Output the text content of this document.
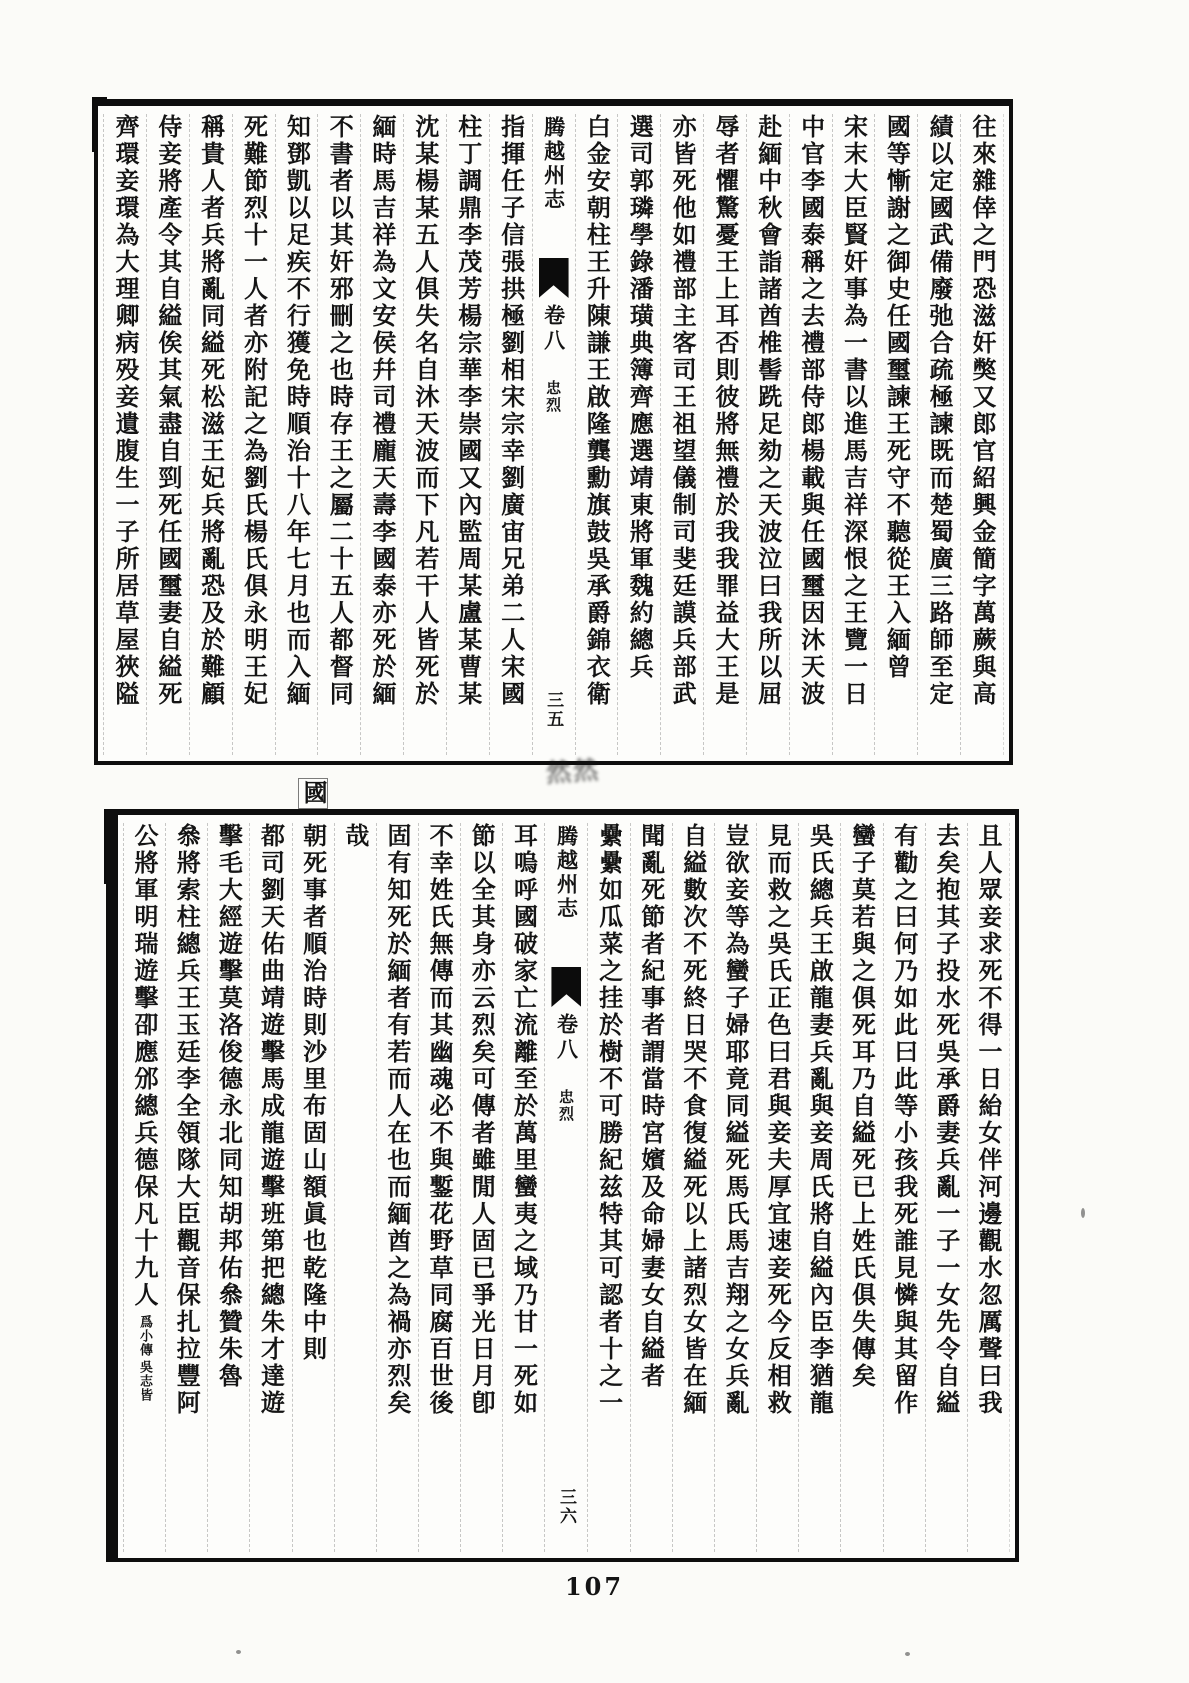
往來雜倖之門恐滋奸獘又郎官紹興金簡字萬蕨與高
績以定國武備廢弛合疏極諫既而楚蜀廣三路師至定
國等慚謝之御史任國璽諫王死守不聽從王入緬曾
宋末大臣賢奸事為一書以進馬吉祥深恨之王覽一日
中官李國泰稱之去禮部侍郎楊載與任國璽因沐天波
赴緬中秋會詣諸酋椎髻跣足劾之天波泣曰我所以屈
辱者懼驚憂王上耳否則彼將無禮於我我罪益大王是
亦皆死他如禮部主客司王祖望儀制司斐廷謨兵部武
選司郭璘學錄潘璜典簿齊應選靖東將軍魏約總兵
白金安朝柱王升陳謙王啟隆龔勳旗鼓吳承爵錦衣衛
腾越州志
卷八
忠烈
三五
指揮任子信張拱極劉相宋宗幸劉廣宙兄弟二人宋國
柱丁調鼎李茂芳楊宗華李崇國又內監周某盧某曹某
沈某楊某五人俱失名自沐天波而下凡若干人皆死於
緬時馬吉祥為文安侯幷司禮龐天壽李國泰亦死於緬
不書者以其奸邪刪之也時存王之屬二十五人都督同
知鄧凱以足疾不行獲免時順治十八年七月也而入緬
死難節烈十一人者亦附記之為劉氏楊氏俱永明王妃
稱貴人者兵將亂同縊死松滋王妃兵將亂恐及於難顧
侍妾將產令其自縊俟其氣盡自剄死任國璽妻自縊死
齊環妾環為大理卿病殁妾遺腹生一子所居草屋狹隘
然然
且人眾妾求死不得一日紿女伴河邊觀水忽厲聲曰我
去矣抱其子投水死吳承爵妻兵亂一子一女先令自縊
有勸之曰何乃如此曰此等小孩我死誰見憐與其留作
蠻子莫若與之俱死耳乃自縊死已上姓氏俱失傳矣
吳氏總兵王啟龍妻兵亂與妾周氏將自縊內臣李猶龍
見而救之吳氏正色曰君與妾夫厚宜速妾死今反相救
豈欲妾等為蠻子婦耶竟同縊死馬氏馬吉翔之女兵亂
自縊數次不死終日哭不食復縊死以上諸烈女皆在緬
聞亂死節者紀事者謂當時宮嬪及命婦妻女自縊者
纍纍如瓜菜之挂於樹不可勝紀兹特其可認者十之一
腾越州志
卷八
忠烈
三六
耳嗚呼國破家亡流離至於萬里蠻夷之域乃甘一死如
節以全其身亦云烈矣可傳者雖閒人固已爭光日月卽
不幸姓氏無傳而其幽魂必不與鏨花野草同腐百世後
固有知死於緬者有若而人在也而緬酋之為禍亦烈矣
哉
國
朝死事者順治時則沙里布固山額眞也乾隆中則
都司劉天佑曲靖遊擊馬成龍遊擊班第把總朱才達遊
擊毛大經遊擊莫洛俊德永北同知胡邦佑叅贊朱魯
叅將索柱總兵王玉廷李全領隊大臣觀音保扎拉豐阿
公將軍明瑞遊擊卲應邠總兵德保凡十九人
吳志皆
爲小傳
107
